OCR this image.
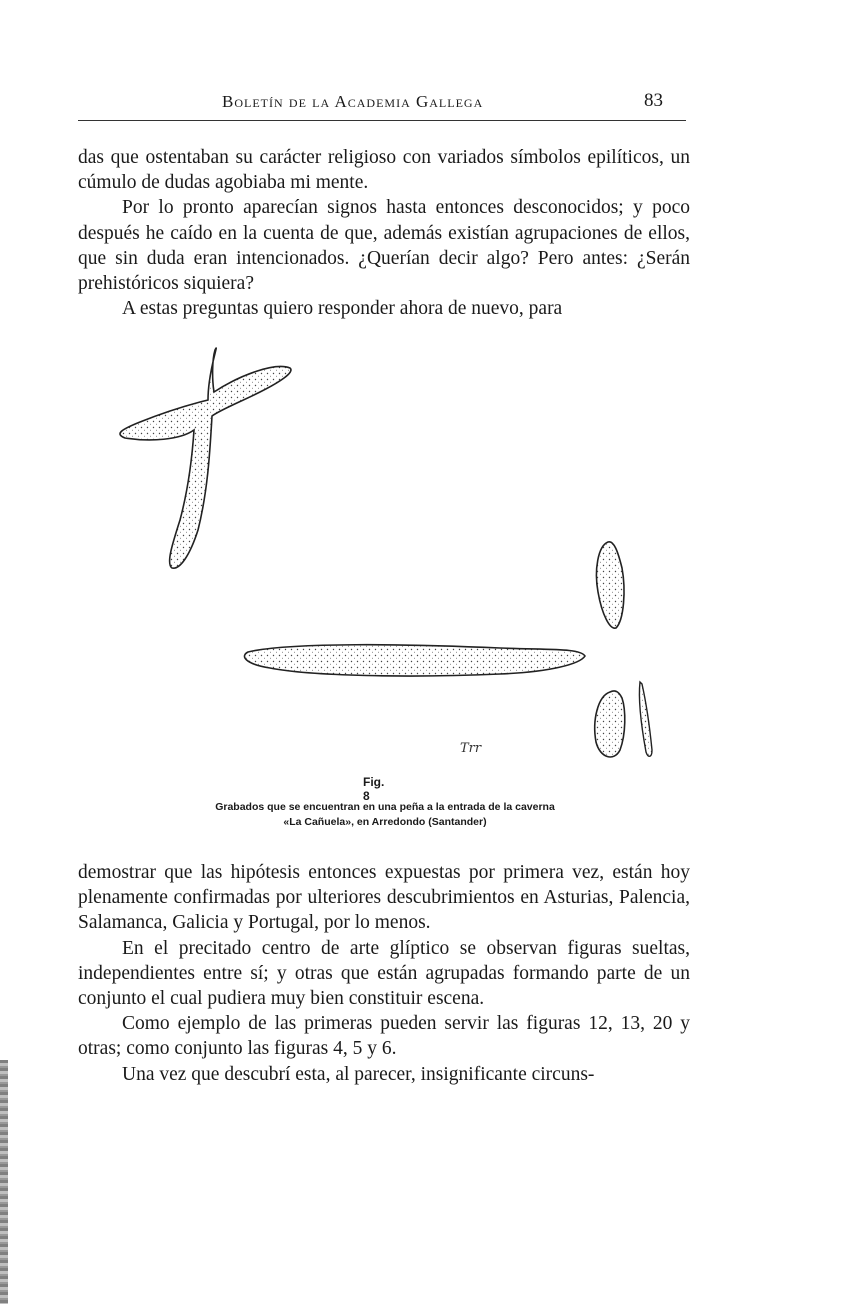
Boletín de la Academia Gallega	83

das que ostentaban su carácter religioso con variados símbolos epilíticos, un cúmulo de dudas agobiaba mi mente.

Por lo pronto aparecían signos hasta entonces desconocidos; y poco después he caído en la cuenta de que, además existían agrupaciones de ellos, que sin duda eran intencionados. ¿Querían decir algo? Pero antes: ¿Serán prehistóricos siquiera?

A estas preguntas quiero responder ahora de nuevo, para

Trr
Fig. 8
Grabados que se encuentran en una peña a la entrada de la caverna
«La Cañuela», en Arredondo (Santander)

demostrar que las hipótesis entonces expuestas por primera vez, están hoy plenamente confirmadas por ulteriores descubrimientos en Asturias, Palencia, Salamanca, Galicia y Portugal, por lo menos.

En el precitado centro de arte glíptico se observan figuras sueltas, independientes entre sí; y otras que están agrupadas formando parte de un conjunto el cual pudiera muy bien constituir escena.

Como ejemplo de las primeras pueden servir las figuras 12, 13, 20 y otras; como conjunto las figuras 4, 5 y 6.

Una vez que descubrí esta, al parecer, insignificante circuns-
